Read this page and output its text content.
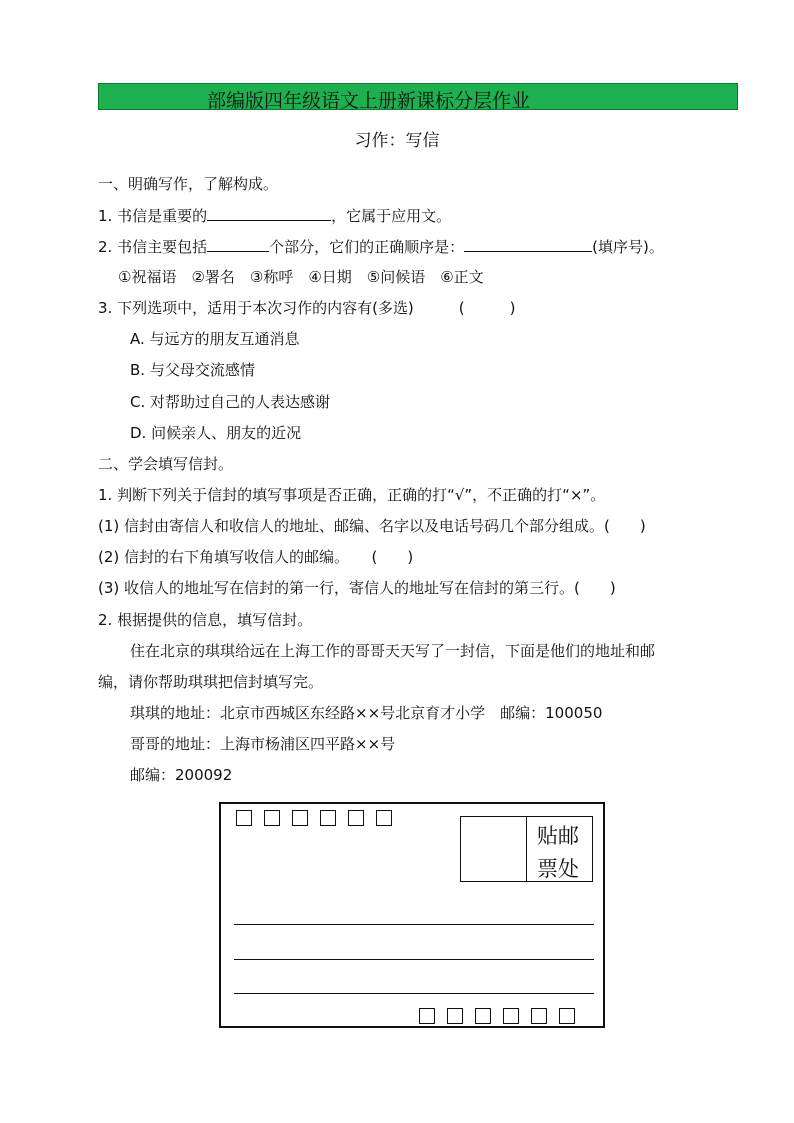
部编版四年级语文上册新课标分层作业
习作：写信
一、明确写作，了解构成。
1. 书信是重要的	，它属于应用文。
2. 书信主要包括	个部分，它们的正确顺序是：	(填序号)。
①祝福语　②署名　③称呼　④日期　⑤问候语　⑥正文
3. 下列选项中，适用于本次习作的内容有(多选)　　　(　　　)
A. 与远方的朋友互通消息
B. 与父母交流感情
C. 对帮助过自己的人表达感谢
D. 问候亲人、朋友的近况
二、学会填写信封。
1. 判断下列关于信封的填写事项是否正确，正确的打“√”，不正确的打“×”。
(1) 信封由寄信人和收信人的地址、邮编、名字以及电话号码几个部分组成。(　　)
(2) 信封的右下角填写收信人的邮编。　　(　　)
(3) 收信人的地址写在信封的第一行，寄信人的地址写在信封的第三行。(　　)
2. 根据提供的信息，填写信封。
住在北京的琪琪给远在上海工作的哥哥天天写了一封信，下面是他们的地址和邮
编，请你帮助琪琪把信封填写完。
琪琪的地址：北京市西城区东经路××号北京育才小学　邮编：100050
哥哥的地址：上海市杨浦区四平路××号
邮编：200092
贴邮
票处
